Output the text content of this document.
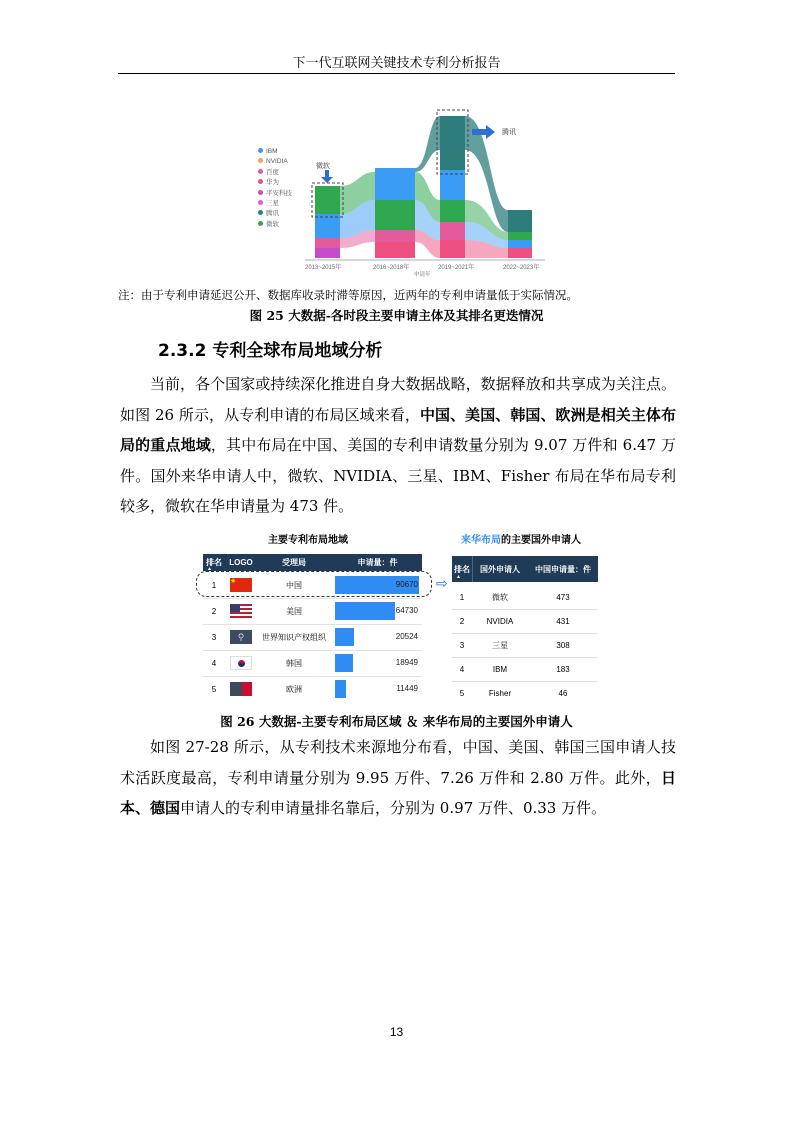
下一代互联网关键技术专利分析报告
IBM
NVIDIA
百度
华为
平安科技
三星
腾讯
微软
微软
腾讯
2013~2015年	2016~2018年	2019~2021年	2022~2023年
申请年
注：由于专利申请延迟公开、数据库收录时滞等原因，近两年的专利申请量低于实际情况。
图 25 大数据-各时段主要申请主体及其排名更迭情况
2.3.2 专利全球布局地域分析
当前，各个国家或持续深化推进自身大数据战略，数据释放和共享成为关注点。如图 26 所示，从专利申请的布局区域来看，中国、美国、韩国、欧洲是相关主体布局的重点地域，其中布局在中国、美国的专利申请数量分别为 9.07 万件和 6.47 万件。国外来华申请人中，微软、NVIDIA、三星、IBM、Fisher 布局在华布局专利较多，微软在华申请量为 473 件。
主要专利布局地域	来华布局的主要国外申请人
排名 LOGO	受理局	申请量：件
▲
1	★	中国	90670
2	美国	64730
3	⚲	世界知识产权组织	20524
4	韩国	18949
5	欧洲	11449
⇨
排名	国外申请人	中国申请量：件
▲
1	微软	473
2	NVIDIA	431
3	三星	308
4	IBM	183
5	Fisher	46
图 26 大数据-主要专利布局区域 ＆ 来华布局的主要国外申请人
如图 27-28 所示，从专利技术来源地分布看，中国、美国、韩国三国申请人技术活跃度最高，专利申请量分别为 9.95 万件、7.26 万件和 2.80 万件。此外，日本、德国申请人的专利申请量排名靠后，分别为 0.97 万件、0.33 万件。
13
